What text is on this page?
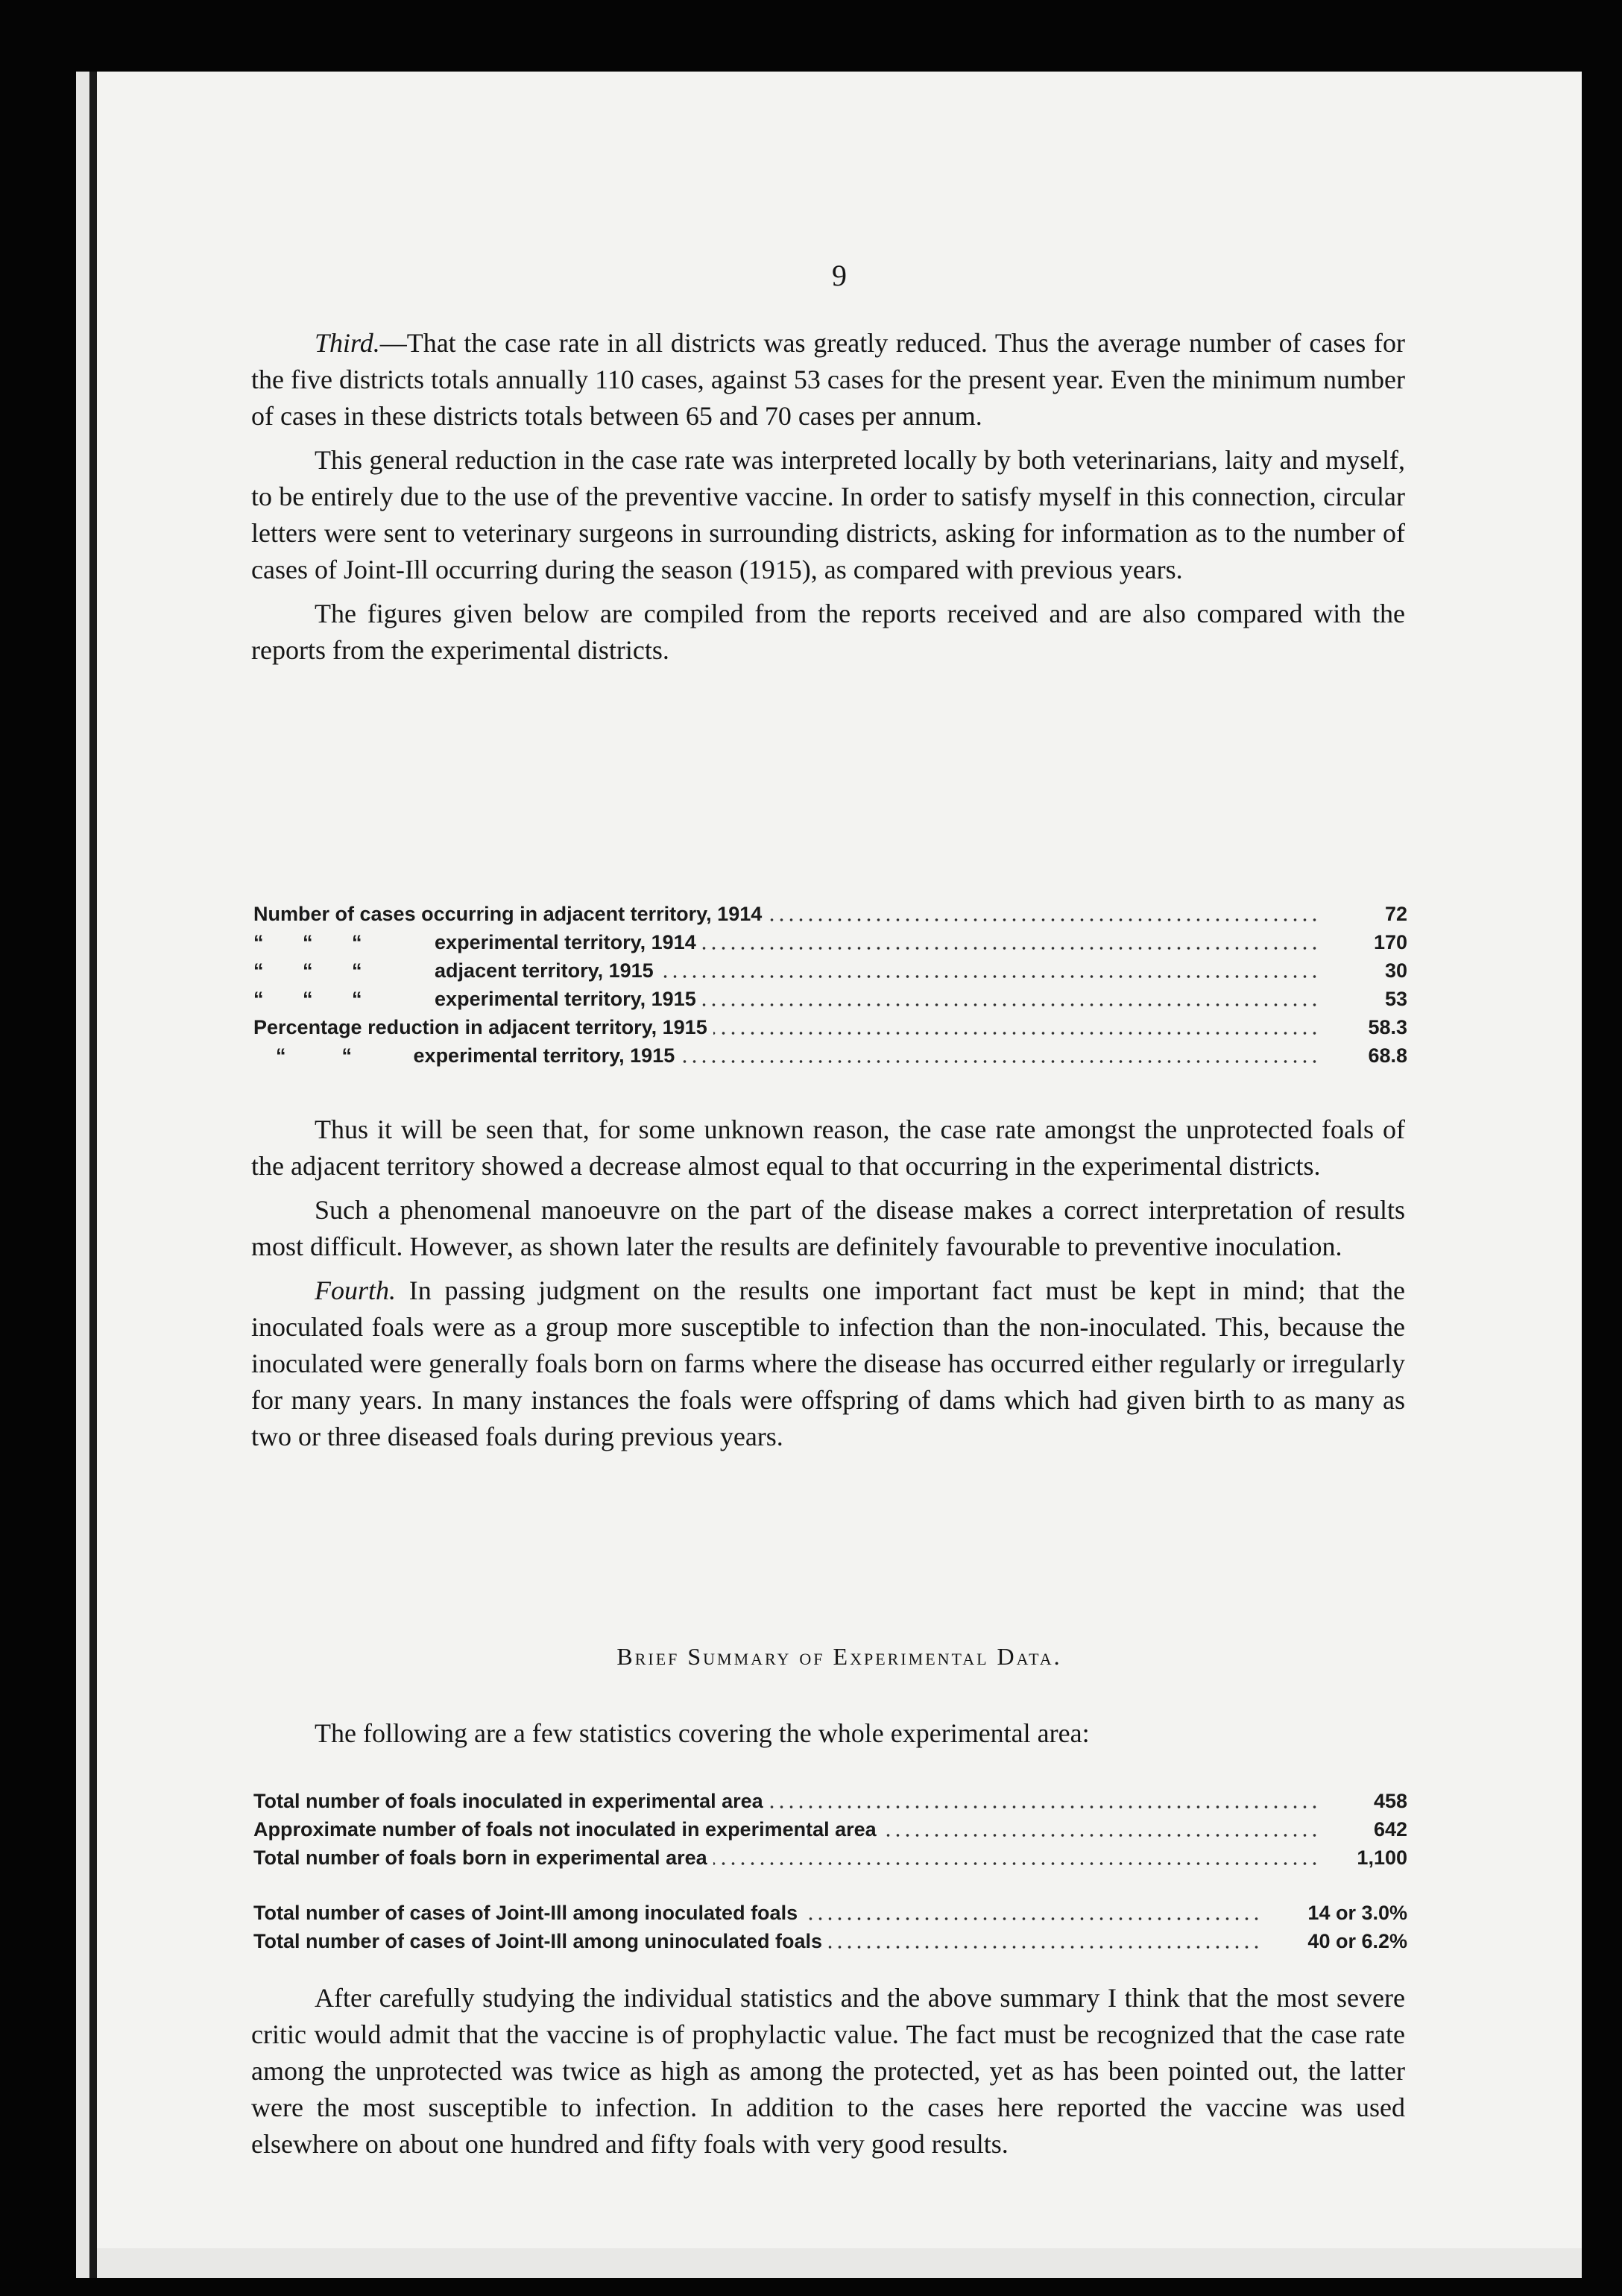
9

Third.—That the case rate in all districts was greatly reduced. Thus the average number of cases for the five districts totals annually 110 cases, against 53 cases for the present year. Even the minimum number of cases in these districts totals between 65 and 70 cases per annum.

This general reduction in the case rate was interpreted locally by both veterinarians, laity and myself, to be entirely due to the use of the preventive vaccine. In order to satisfy myself in this connection, circular letters were sent to veterinary surgeons in surrounding districts, asking for information as to the number of cases of Joint-Ill occurring during the season (1915), as compared with previous years.

The figures given below are compiled from the reports received and are also compared with the reports from the experimental districts.

Number of cases occurring in adjacent territory, 1914	72
“       “       “             experimental territory, 1914	170
“       “       “             adjacent territory, 1915	30
“       “       “             experimental territory, 1915	53
Percentage reduction in adjacent territory, 1915	58.3
“          “           experimental territory, 1915	68.8

Thus it will be seen that, for some unknown reason, the case rate amongst the unprotected foals of the adjacent territory showed a decrease almost equal to that occurring in the experimental districts.

Such a phenomenal manoeuvre on the part of the disease makes a correct interpretation of results most difficult. However, as shown later the results are definitely favourable to preventive inoculation.

Fourth. In passing judgment on the results one important fact must be kept in mind; that the inoculated foals were as a group more susceptible to infection than the non-inoculated. This, because the inoculated were generally foals born on farms where the disease has occurred either regularly or irregularly for many years. In many instances the foals were offspring of dams which had given birth to as many as two or three diseased foals during previous years.

Brief Summary of Experimental Data.

The following are a few statistics covering the whole experimental area:

Total number of foals inoculated in experimental area	458
Approximate number of foals not inoculated in experimental area	642
Total number of foals born in experimental area	1,100
Total number of cases of Joint-Ill among inoculated foals	14 or 3.0%
Total number of cases of Joint-Ill among uninoculated foals	40 or 6.2%

After carefully studying the individual statistics and the above summary I think that the most severe critic would admit that the vaccine is of prophylactic value. The fact must be recognized that the case rate among the unprotected was twice as high as among the protected, yet as has been pointed out, the latter were the most susceptible to infection. In addition to the cases here reported the vaccine was used elsewhere on about one hundred and fifty foals with very good results.
